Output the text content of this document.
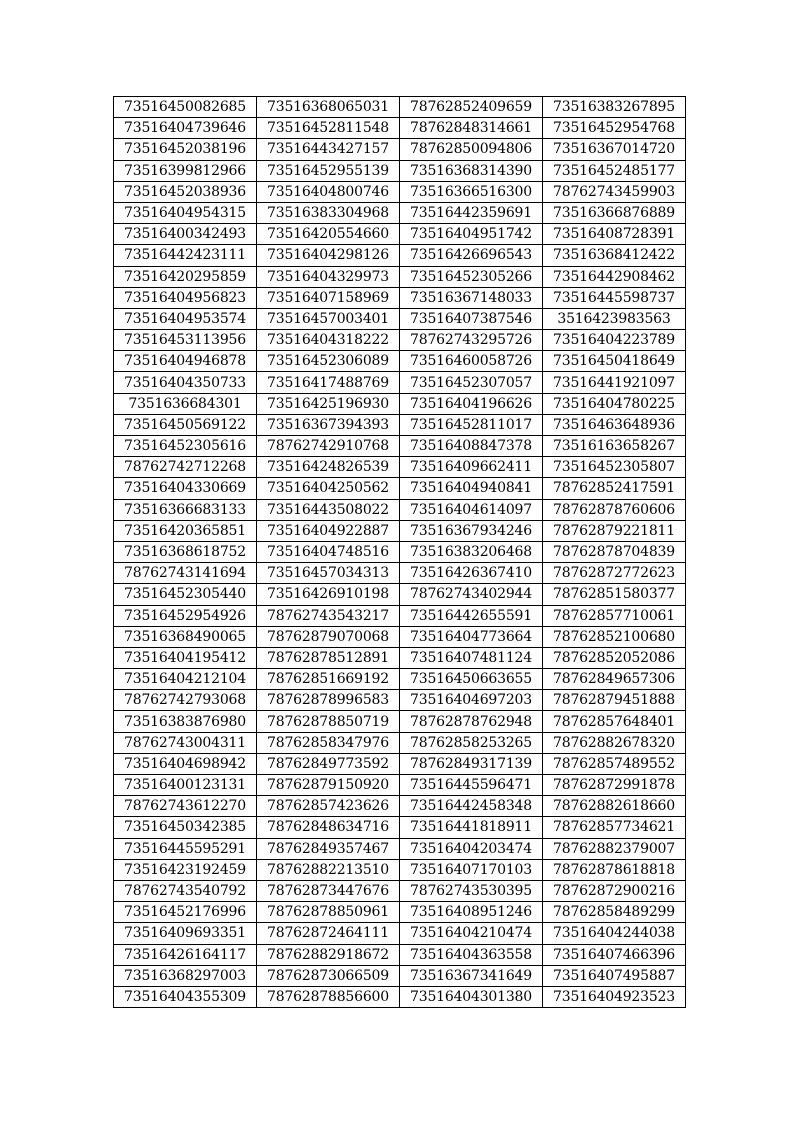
73516450082685	73516368065031	78762852409659	73516383267895
73516404739646	73516452811548	78762848314661	73516452954768
73516452038196	73516443427157	78762850094806	73516367014720
73516399812966	73516452955139	73516368314390	73516452485177
73516452038936	73516404800746	73516366516300	78762743459903
73516404954315	73516383304968	73516442359691	73516366876889
73516400342493	73516420554660	73516404951742	73516408728391
73516442423111	73516404298126	73516426696543	73516368412422
73516420295859	73516404329973	73516452305266	73516442908462
73516404956823	73516407158969	73516367148033	73516445598737
73516404953574	73516457003401	73516407387546	3516423983563
73516453113956	73516404318222	78762743295726	73516404223789
73516404946878	73516452306089	73516460058726	73516450418649
73516404350733	73516417488769	73516452307057	73516441921097
7351636684301	73516425196930	73516404196626	73516404780225
73516450569122	73516367394393	73516452811017	73516463648936
73516452305616	78762742910768	73516408847378	73516163658267
78762742712268	73516424826539	73516409662411	73516452305807
73516404330669	73516404250562	73516404940841	78762852417591
73516366683133	73516443508022	73516404614097	78762878760606
73516420365851	73516404922887	73516367934246	78762879221811
73516368618752	73516404748516	73516383206468	78762878704839
78762743141694	73516457034313	73516426367410	78762872772623
73516452305440	73516426910198	78762743402944	78762851580377
73516452954926	78762743543217	73516442655591	78762857710061
73516368490065	78762879070068	73516404773664	78762852100680
73516404195412	78762878512891	73516407481124	78762852052086
73516404212104	78762851669192	73516450663655	78762849657306
78762742793068	78762878996583	73516404697203	78762879451888
73516383876980	78762878850719	78762878762948	78762857648401
78762743004311	78762858347976	78762858253265	78762882678320
73516404698942	78762849773592	78762849317139	78762857489552
73516400123131	78762879150920	73516445596471	78762872991878
78762743612270	78762857423626	73516442458348	78762882618660
73516450342385	78762848634716	73516441818911	78762857734621
73516445595291	78762849357467	73516404203474	78762882379007
73516423192459	78762882213510	73516407170103	78762878618818
78762743540792	78762873447676	78762743530395	78762872900216
73516452176996	78762878850961	73516408951246	78762858489299
73516409693351	78762872464111	73516404210474	73516404244038
73516426164117	78762882918672	73516404363558	73516407466396
73516368297003	78762873066509	73516367341649	73516407495887
73516404355309	78762878856600	73516404301380	73516404923523
